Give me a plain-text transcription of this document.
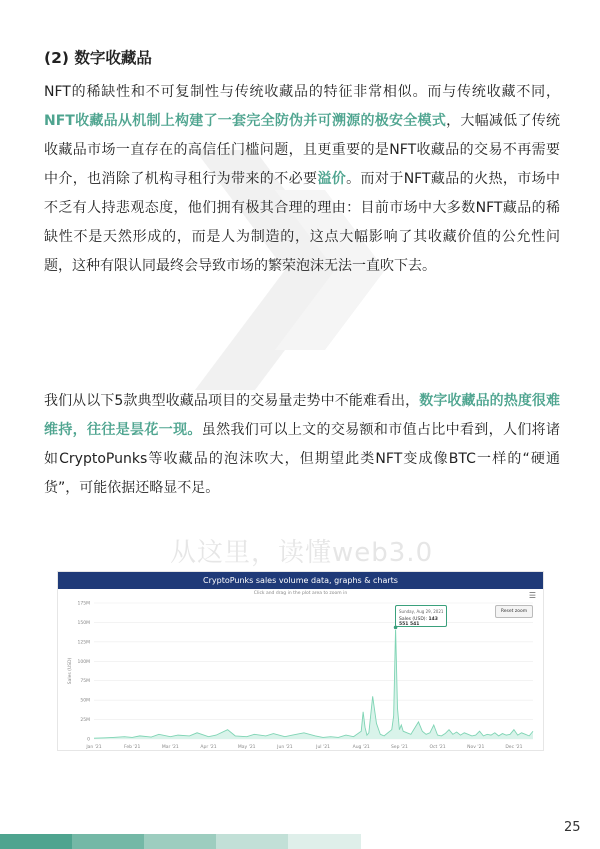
(2) 数字收藏品

NFT的稀缺性和不可复制性与传统收藏品的特征非常相似。而与传统收藏不同，NFT收藏品从机制上构建了一套完全防伪并可溯源的极安全模式，大幅减低了传统收藏品市场一直存在的高信任门槛问题，且更重要的是NFT收藏品的交易不再需要中介，也消除了机构寻租行为带来的不必要溢价。而对于NFT藏品的火热，市场中不乏有人持悲观态度，他们拥有极其合理的理由：目前市场中大多数NFT藏品的稀缺性不是天然形成的，而是人为制造的，这点大幅影响了其收藏价值的公允性问题，这种有限认同最终会导致市场的繁荣泡沫无法一直吹下去。

我们从以下5款典型收藏品项目的交易量走势中不能难看出，数字收藏品的热度很难维持，往往是昙花一现。虽然我们可以上文的交易额和市值占比中看到，人们将诸如CryptoPunks等收藏品的泡沫吹大，但期望此类NFT变成像BTC一样的“硬通货”，可能依据还略显不足。

从这里，读懂web3.0
CryptoPunks sales volume data, graphs & charts
☰
Click and drag in the plot area to zoom in
0
25M
50M
75M
100M
125M
150M
175M
Sales (USD)
Jan '21	Feb '21	Mar '21	Apr '21	May '21	Jun '21	Jul '21	Aug '21	Sep '21	Oct '21	Nov '21	Dec '21
Reset zoom
Sunday, Aug 29, 2021
Sales (USD): 143 551 541
25
